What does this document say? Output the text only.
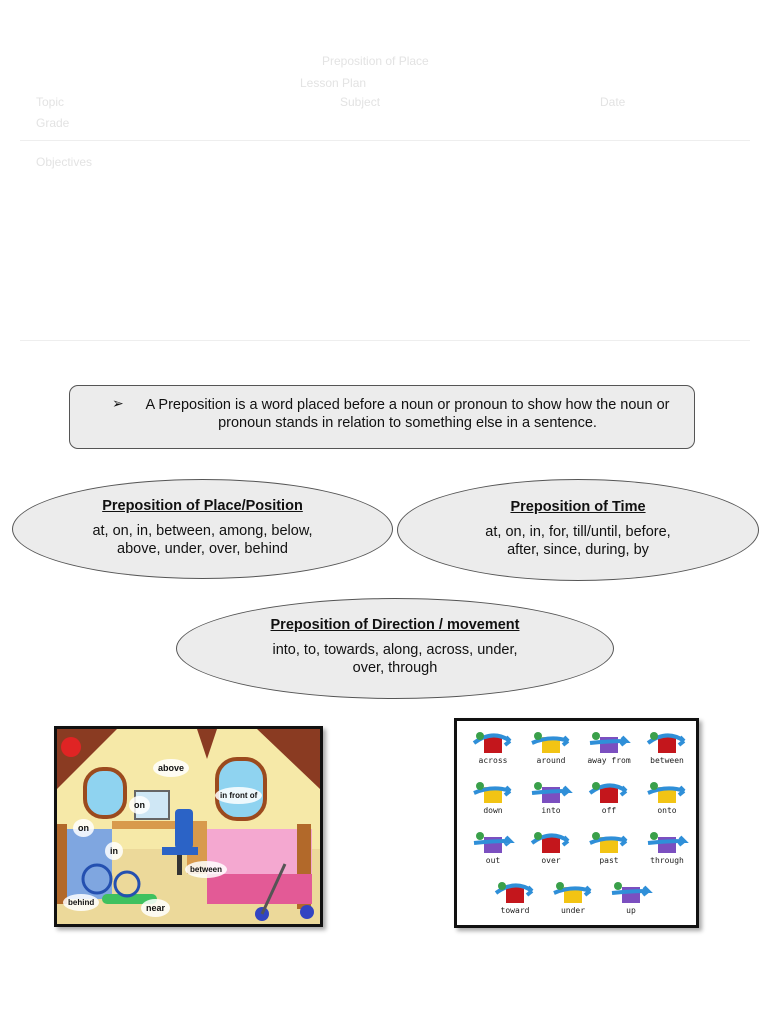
Preposition of Place
Lesson Plan
Topic
Objectives
Grade
Subject	Date
➢	A Preposition is a word placed before a noun or pronoun to show how the noun or pronoun stands in relation to something else in a sentence.
Preposition of Place/Position
at, on, in, between, among, below,
above, under, over, behind
Preposition of Time
at, on, in, for, till/until, before,
after, since, during, by
Preposition of Direction / movement
into, to, towards, along, across, under,
over, through
above
on
in front of
on
in
between
behind
near
across	around	away from	between
down	into	off	onto
out	over	past	through
toward	under	up
